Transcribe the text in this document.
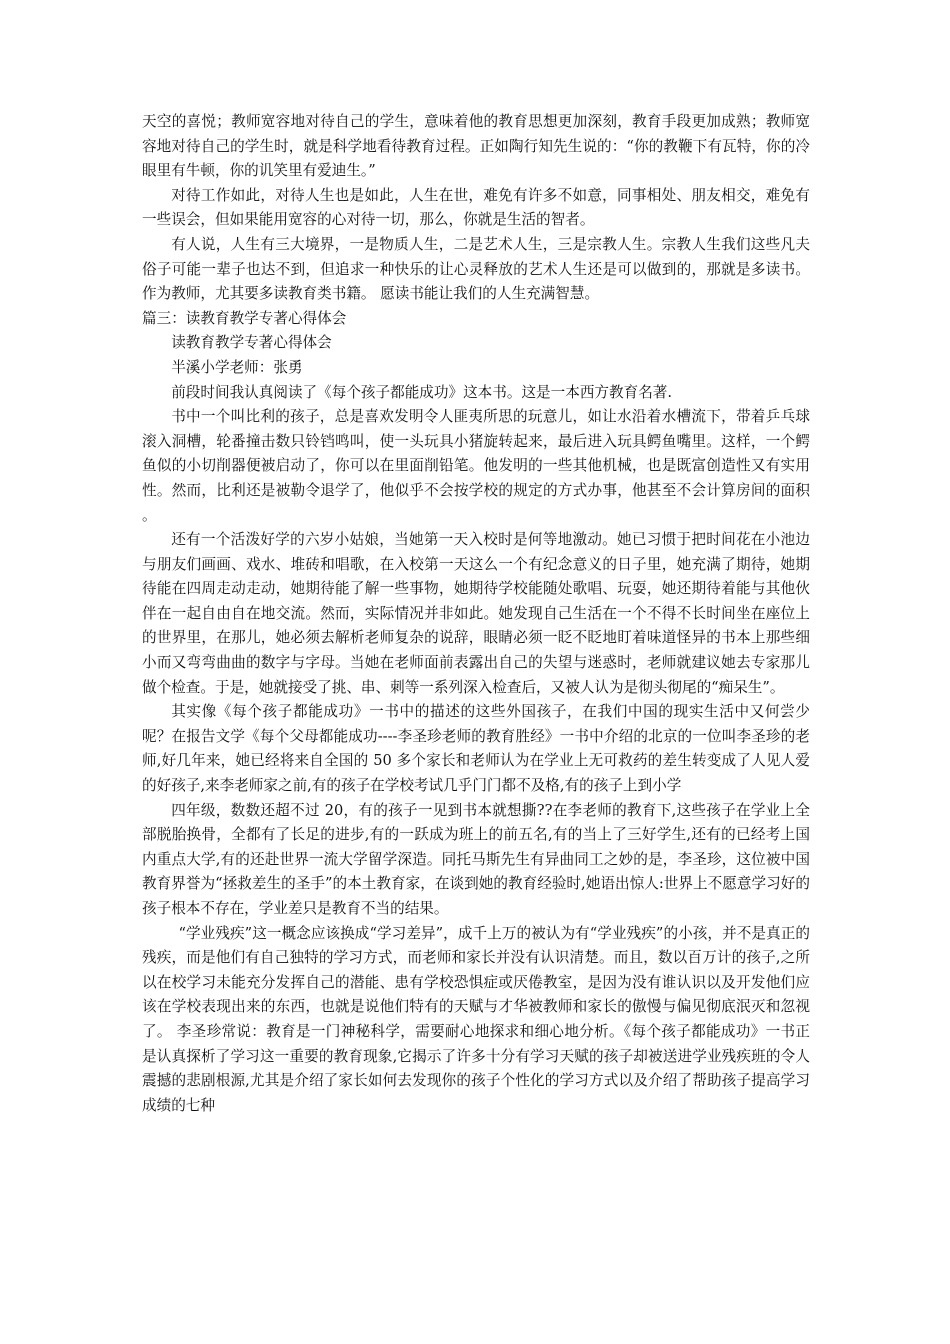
天空的喜悦；教师宽容地对待自己的学生，意味着他的教育思想更加深刻，教育手段更加成熟；教师宽容地对待自己的学生时，就是科学地看待教育过程。正如陶行知先生说的：“你的教鞭下有瓦特，你的冷眼里有牛顿，你的讥笑里有爱迪生。”

对待工作如此，对待人生也是如此，人生在世，难免有许多不如意，同事相处、朋友相交，难免有一些误会，但如果能用宽容的心对待一切，那么，你就是生活的智者。

有人说，人生有三大境界，一是物质人生，二是艺术人生，三是宗教人生。宗教人生我们这些凡夫俗子可能一辈子也达不到，但追求一种快乐的让心灵释放的艺术人生还是可以做到的，那就是多读书。作为教师，尤其要多读教育类书籍。 愿读书能让我们的人生充满智慧。

篇三：读教育教学专著心得体会

读教育教学专著心得体会

半溪小学老师：张勇

前段时间我认真阅读了《每个孩子都能成功》这本书。这是一本西方教育名著.

书中一个叫比利的孩子，总是喜欢发明令人匪夷所思的玩意儿，如让水沿着水槽流下，带着乒乓球滚入洞槽，轮番撞击数只铃铛鸣叫，使一头玩具小猪旋转起来，最后进入玩具鳄鱼嘴里。这样，一个鳄鱼似的小切削器便被启动了，你可以在里面削铅笔。他发明的一些其他机械，也是既富创造性又有实用性。然而，比利还是被勒令退学了，他似乎不会按学校的规定的方式办事，他甚至不会计算房间的面积 。

还有一个活泼好学的六岁小姑娘，当她第一天入校时是何等地激动。她已习惯于把时间花在小池边与朋友们画画、戏水、堆砖和唱歌，在入校第一天这么一个有纪念意义的日子里，她充满了期待，她期待能在四周走动走动，她期待能了解一些事物，她期待学校能随处歌唱、玩耍，她还期待着能与其他伙伴在一起自由自在地交流。然而，实际情况并非如此。她发现自己生活在一个不得不长时间坐在座位上的世界里，在那儿，她必须去解析老师复杂的说辞，眼睛必须一眨不眨地盯着味道怪异的书本上那些细小而又弯弯曲曲的数字与字母。当她在老师面前表露出自己的失望与迷惑时，老师就建议她去专家那儿做个检查。于是，她就接受了挑、串、刺等一系列深入检查后，又被人认为是彻头彻尾的“痴呆生”。

其实像《每个孩子都能成功》一书中的描述的这些外国孩子，在我们中国的现实生活中又何尝少呢？在报告文学《每个父母都能成功----李圣珍老师的教育胜经》一书中介绍的北京的一位叫李圣珍的老师,好几年来，她已经将来自全国的 50 多个家长和老师认为在学业上无可救药的差生转变成了人见人爱的好孩子,来李老师家之前,有的孩子在学校考试几乎门门都不及格,有的孩子上到小学

四年级，数数还超不过 20，有的孩子一见到书本就想撕??在李老师的教育下,这些孩子在学业上全部脱胎换骨，全都有了长足的进步,有的一跃成为班上的前五名,有的当上了三好学生,还有的已经考上国内重点大学,有的还赴世界一流大学留学深造。同托马斯先生有异曲同工之妙的是，李圣珍，这位被中国教育界誉为“拯救差生的圣手”的本土教育家，在谈到她的教育经验时,她语出惊人:世界上不愿意学习好的孩子根本不存在，学业差只是教育不当的结果。

“学业残疾”这一概念应该换成“学习差异”，成千上万的被认为有“学业残疾”的小孩，并不是真正的残疾，而是他们有自己独特的学习方式，而老师和家长并没有认识清楚。而且，数以百万计的孩子,之所以在校学习未能充分发挥自己的潜能、患有学校恐惧症或厌倦教室，是因为没有谁认识以及开发他们应该在学校表现出来的东西，也就是说他们特有的天赋与才华被教师和家长的傲慢与偏见彻底泯灭和忽视了。 李圣珍常说：教育是一门神秘科学，需要耐心地探求和细心地分析。《每个孩子都能成功》一书正是认真探析了学习这一重要的教育现象,它揭示了许多十分有学习天赋的孩子却被送进学业残疾班的令人震撼的悲剧根源,尤其是介绍了家长如何去发现你的孩子个性化的学习方式以及介绍了帮助孩子提高学习成绩的七种
